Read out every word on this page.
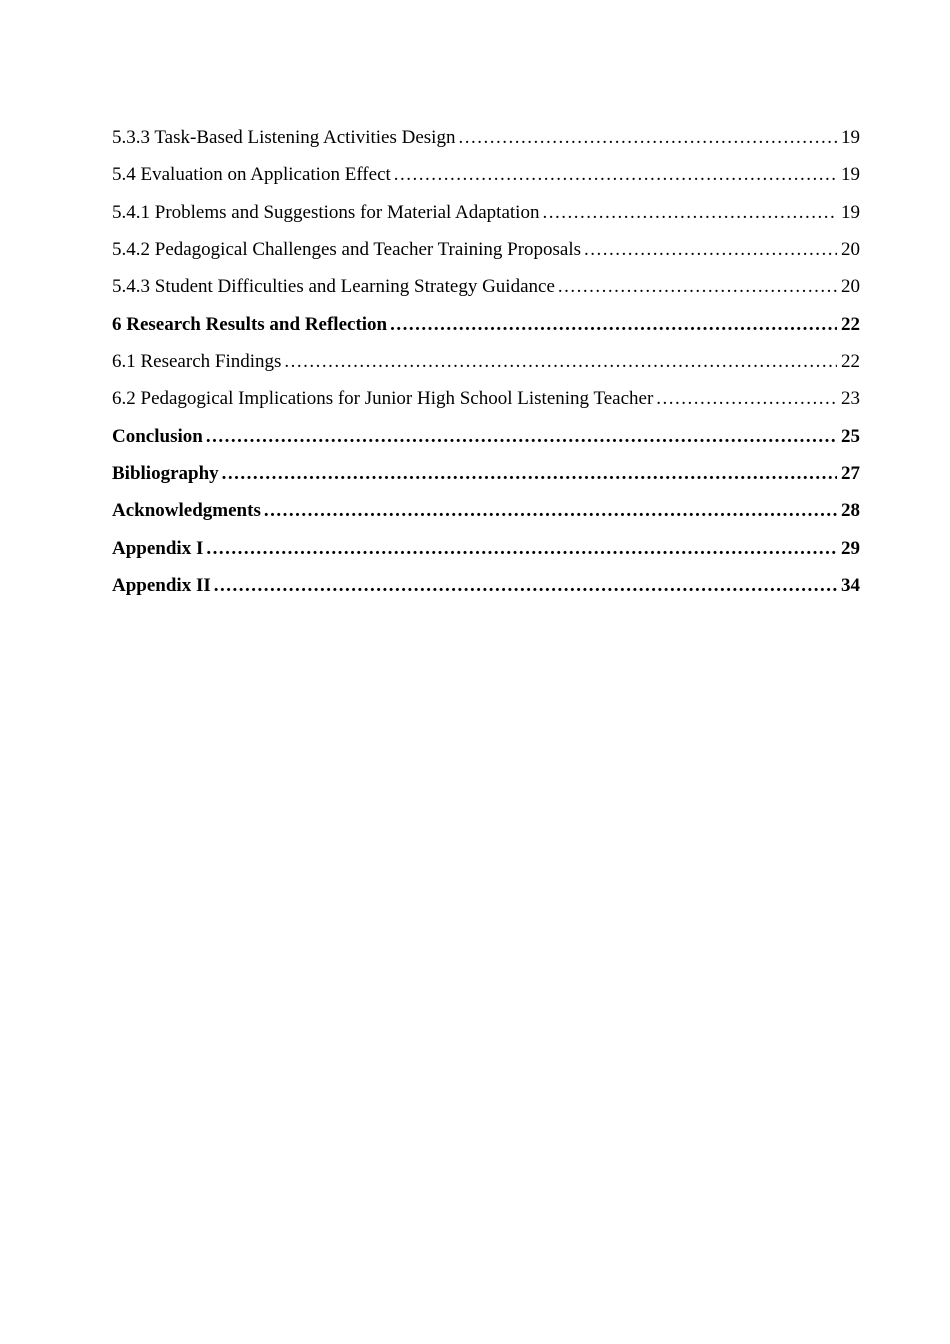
5.3.3 Task-Based Listening Activities Design .....	19
5.4 Evaluation on Application Effect .....	19
5.4.1 Problems and Suggestions for Material Adaptation .....	19
5.4.2 Pedagogical Challenges and Teacher Training Proposals .....	20
5.4.3 Student Difficulties and Learning Strategy Guidance .....	20
6 Research Results and Reflection .....	22
6.1 Research Findings .....	22
6.2 Pedagogical Implications for Junior High School Listening Teacher .....	23
Conclusion .....	25
Bibliography .....	27
Acknowledgments .....	28
Appendix I .....	29
Appendix II .....	34
